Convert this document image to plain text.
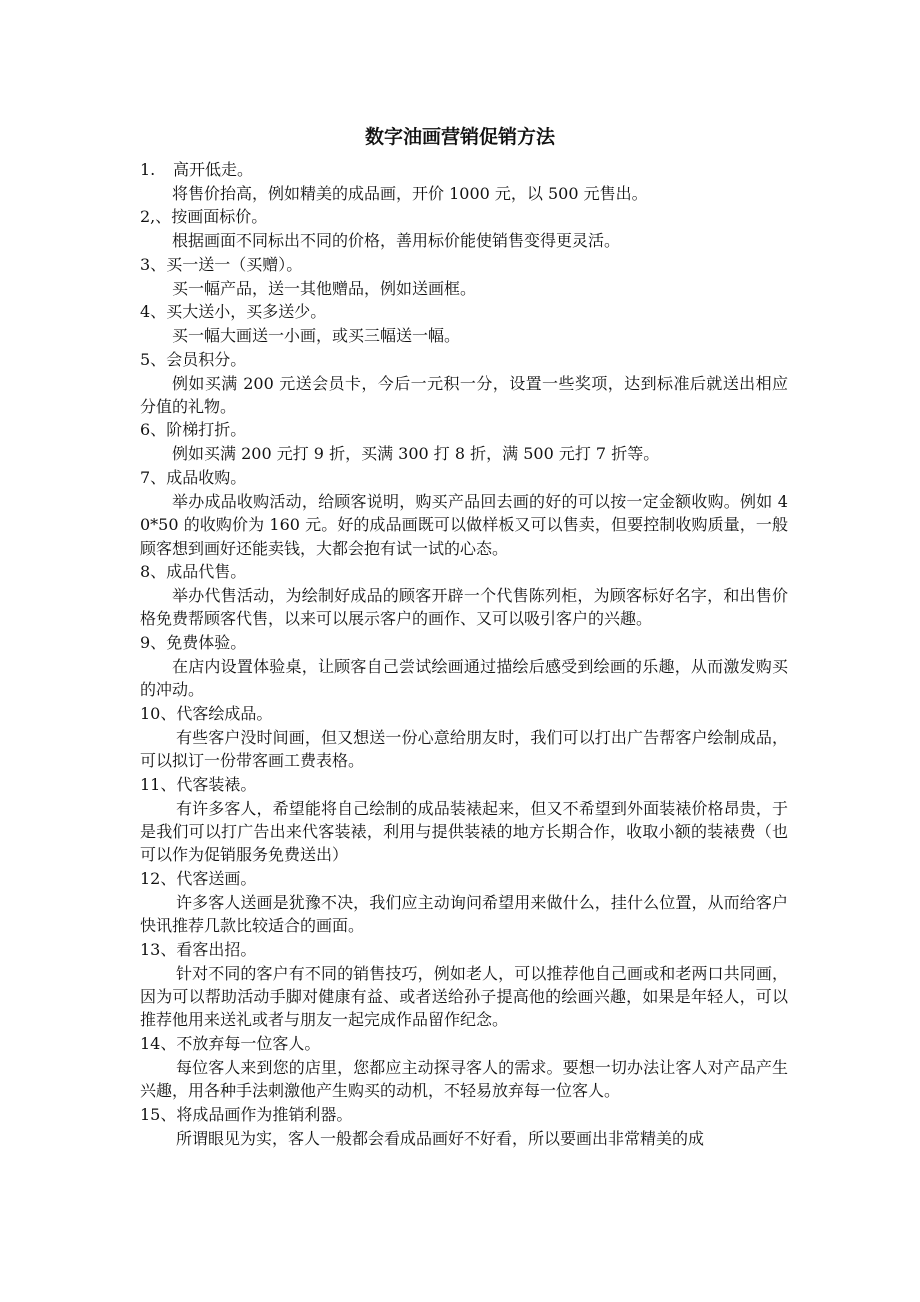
数字油画营销促销方法
1. 高开低走。
将售价抬高，例如精美的成品画，开价 1000 元，以 500 元售出。
2,、按画面标价。
根据画面不同标出不同的价格，善用标价能使销售变得更灵活。
3、买一送一（买赠）。
买一幅产品，送一其他赠品，例如送画框。
4、买大送小，买多送少。
买一幅大画送一小画，或买三幅送一幅。
5、会员积分。
例如买满 200 元送会员卡，今后一元积一分，设置一些奖项，达到标准后就送出相应分值的礼物。
6、阶梯打折。
例如买满 200 元打 9 折，买满 300 打 8 折，满 500 元打 7 折等。
7、成品收购。
举办成品收购活动，给顾客说明，购买产品回去画的好的可以按一定金额收购。例如 40*50 的收购价为 160 元。好的成品画既可以做样板又可以售卖，但要控制收购质量，一般顾客想到画好还能卖钱，大都会抱有试一试的心态。
8、成品代售。
举办代售活动，为绘制好成品的顾客开辟一个代售陈列柜，为顾客标好名字，和出售价格免费帮顾客代售，以来可以展示客户的画作、又可以吸引客户的兴趣。
9、免费体验。
在店内设置体验桌，让顾客自己尝试绘画通过描绘后感受到绘画的乐趣，从而激发购买的冲动。
10、代客绘成品。
有些客户没时间画，但又想送一份心意给朋友时，我们可以打出广告帮客户绘制成品，可以拟订一份带客画工费表格。
11、代客装裱。
有许多客人，希望能将自己绘制的成品装裱起来，但又不希望到外面装裱价格昂贵，于是我们可以打广告出来代客装裱，利用与提供装裱的地方长期合作，收取小额的装裱费（也可以作为促销服务免费送出）
12、代客送画。
许多客人送画是犹豫不决，我们应主动询问希望用来做什么，挂什么位置，从而给客户快讯推荐几款比较适合的画面。
13、看客出招。
针对不同的客户有不同的销售技巧，例如老人，可以推荐他自己画或和老两口共同画，因为可以帮助活动手脚对健康有益、或者送给孙子提高他的绘画兴趣，如果是年轻人，可以推荐他用来送礼或者与朋友一起完成作品留作纪念。
14、不放弃每一位客人。
每位客人来到您的店里，您都应主动探寻客人的需求。要想一切办法让客人对产品产生兴趣，用各种手法刺激他产生购买的动机，不轻易放弃每一位客人。
15、将成品画作为推销利器。
所谓眼见为实，客人一般都会看成品画好不好看，所以要画出非常精美的成
